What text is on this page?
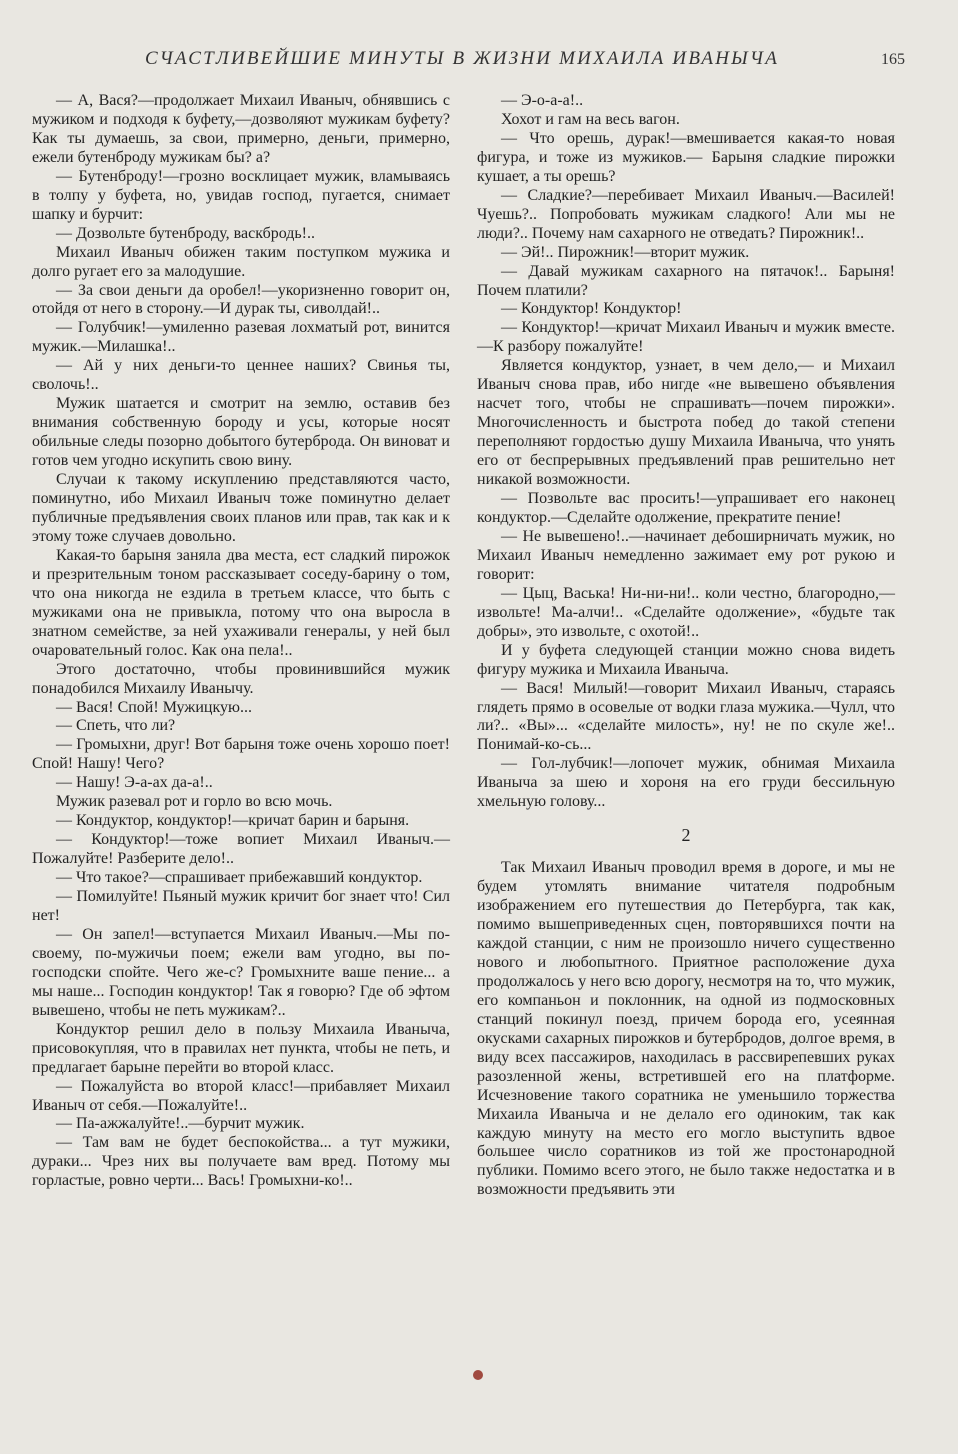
СЧАСТЛИВЕЙШИЕ МИНУТЫ В ЖИЗНИ МИХАИЛА ИВАНЫЧА	165

— А, Вася?—продолжает Михаил Иваныч, обнявшись с мужиком и подходя к буфету,—дозволяют мужикам буфету? Как ты думаешь, за свои, примерно, деньги, примерно, ежели бутенброду мужикам бы? а?

— Бутенброду!—грозно восклицает мужик, вламываясь в толпу у буфета, но, увидав господ, пугается, снимает шапку и бурчит:

— Дозвольте бутенброду, васкбродь!..

Михаил Иваныч обижен таким поступком мужика и долго ругает его за малодушие.

— За свои деньги да оробел!—укоризненно говорит он, отойдя от него в сторону.—И дурак ты, сиволдай!..

— Голубчик!—умиленно разевая лохматый рот, винится мужик.—Милашка!..

— Ай у них деньги-то ценнее наших? Свинья ты, сволочь!..

Мужик шатается и смотрит на землю, оставив без внимания собственную бороду и усы, которые носят обильные следы позорно добытого бутерброда. Он виноват и готов чем угодно искупить свою вину.

Случаи к такому искуплению представляются часто, поминутно, ибо Михаил Иваныч тоже поминутно делает публичные предъявления своих планов или прав, так как и к этому тоже случаев довольно.

Какая-то барыня заняла два места, ест сладкий пирожок и презрительным тоном рассказывает соседу-барину о том, что она никогда не ездила в третьем классе, что быть с мужиками она не привыкла, потому что она выросла в знатном семействе, за ней ухаживали генералы, у ней был очаровательный голос. Как она пела!..

Этого достаточно, чтобы провинившийся мужик понадобился Михаилу Иванычу.

— Вася! Спой! Мужицкую...

— Спеть, что ли?

— Громыхни, друг! Вот барыня тоже очень хорошо поет! Спой! Нашу! Чего?

— Нашу! Э-а-ах да-а!..

Мужик разевал рот и горло во всю мочь.

— Кондуктор, кондуктор!—кричат барин и барыня.

— Кондуктор!—тоже вопиет Михаил Иваныч.—Пожалуйте! Разберите дело!..

— Что такое?—спрашивает прибежавший кондуктор.

— Помилуйте! Пьяный мужик кричит бог знает что! Сил нет!

— Он запел!—вступается Михаил Иваныч.—Мы по-своему, по-мужичьи поем; ежели вам угодно, вы по-господски спойте. Чего же-с? Громыхните ваше пение... а мы наше... Господин кондуктор! Так я говорю? Где об эфтом вывешено, чтобы не петь мужикам?..

Кондуктор решил дело в пользу Михаила Иваныча, присовокупляя, что в правилах нет пункта, чтобы не петь, и предлагает барыне перейти во второй класс.

— Пожалуйста во второй класс!—прибавляет Михаил Иваныч от себя.—Пожалуйте!..

— Па-ажжалуйте!..—бурчит мужик.

— Там вам не будет беспокойства... а тут мужики, дураки... Чрез них вы получаете вам вред. Потому мы горластые, ровно черти... Вась! Громыхни-ко!..

— Э-о-а-а!..

Хохот и гам на весь вагон.

— Что орешь, дурак!—вмешивается какая-то новая фигура, и тоже из мужиков.— Барыня сладкие пирожки кушает, а ты орешь?

— Сладкие?—перебивает Михаил Иваныч.—Василей! Чуешь?.. Попробовать мужикам сладкого! Али мы не люди?.. Почему нам сахарного не отведать? Пирожник!..

— Эй!.. Пирожник!—вторит мужик.

— Давай мужикам сахарного на пятачок!.. Барыня! Почем платили?

— Кондуктор! Кондуктор!

— Кондуктор!—кричат Михаил Иваныч и мужик вместе.—К разбору пожалуйте!

Является кондуктор, узнает, в чем дело,— и Михаил Иваныч снова прав, ибо нигде «не вывешено объявления насчет того, чтобы не спрашивать—почем пирожки». Многочисленность и быстрота побед до такой степени переполняют гордостью душу Михаила Иваныча, что унять его от беспрерывных предъявлений прав решительно нет никакой возможности.

— Позвольте вас просить!—упрашивает его наконец кондуктор.—Сделайте одолжение, прекратите пение!

— Не вывешено!..—начинает дебоширничать мужик, но Михаил Иваныч немедленно зажимает ему рот рукою и говорит:

— Цыц, Васька! Ни-ни-ни!.. коли честно, благородно,—извольте! Ма-алчи!.. «Сделайте одолжение», «будьте так добры», это извольте, с охотой!..

И у буфета следующей станции можно снова видеть фигуру мужика и Михаила Иваныча.

— Вася! Милый!—говорит Михаил Иваныч, стараясь глядеть прямо в осовелые от водки глаза мужика.—Чулл, что ли?.. «Вы»... «сделайте милость», ну! не по скуле же!.. Понимай-ко-сь...

— Гол-лубчик!—лопочет мужик, обнимая Михаила Иваныча за шею и хороня на его груди бессильную хмельную голову...

2

Так Михаил Иваныч проводил время в дороге, и мы не будем утомлять внимание читателя подробным изображением его путешествия до Петербурга, так как, помимо вышеприведенных сцен, повторявшихся почти на каждой станции, с ним не произошло ничего существенно нового и любопытного. Приятное расположение духа продолжалось у него всю дорогу, несмотря на то, что мужик, его компаньон и поклонник, на одной из подмосковных станций покинул поезд, причем борода его, усеянная окусками сахарных пирожков и бутербродов, долгое время, в виду всех пассажиров, находилась в рассвирепевших руках разозленной жены, встретившей его на платформе. Исчезновение такого соратника не уменьшило торжества Михаила Иваныча и не делало его одиноким, так как каждую минуту на место его могло выступить вдвое большее число соратников из той же простонародной публики. Помимо всего этого, не было также недостатка и в возможности предъявить эти
